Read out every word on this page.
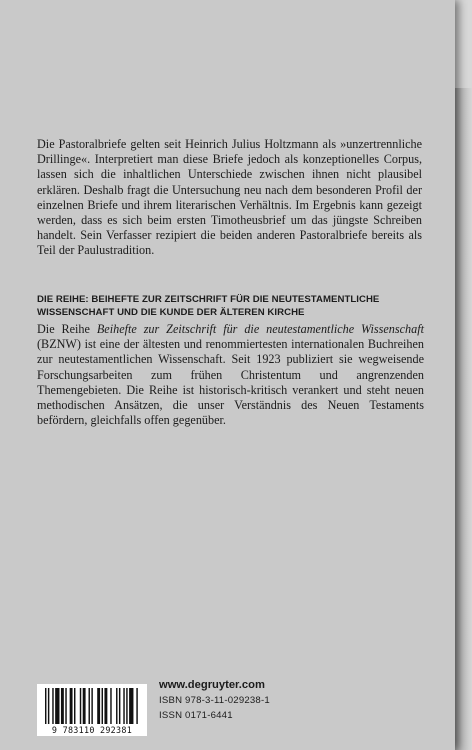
Die Pastoralbriefe gelten seit Heinrich Julius Holtzmann als »unzertrennliche Drillinge«. Interpretiert man diese Briefe jedoch als konzeptionelles Corpus, lassen sich die inhaltlichen Unterschiede zwischen ihnen nicht plausibel erklären. Deshalb fragt die Untersuchung neu nach dem besonderen Profil der einzelnen Briefe und ihrem literarischen Verhältnis. Im Ergebnis kann gezeigt werden, dass es sich beim ersten Timotheusbrief um das jüngste Schreiben handelt. Sein Verfasser rezipiert die beiden anderen Pastoralbriefe bereits als Teil der Paulustradition.

DIE REIHE: BEIHEFTE ZUR ZEITSCHRIFT FÜR DIE NEUTESTAMENTLICHE WISSENSCHAFT UND DIE KUNDE DER ÄLTEREN KIRCHE

Die Reihe Beihefte zur Zeitschrift für die neutestamentliche Wissenschaft (BZNW) ist eine der ältesten und renommiertesten internationalen Buchreihen zur neutestamentlichen Wissenschaft. Seit 1923 publiziert sie wegweisende Forschungsarbeiten zum frühen Christentum und angrenzenden Themengebieten. Die Reihe ist historisch-kritisch verankert und steht neuen methodischen Ansätzen, die unser Verständnis des Neuen Testaments befördern, gleichfalls offen gegenüber.

9 783110 292381

www.degruyter.com

ISBN 978-3-11-029238-1

ISSN 0171-6441
